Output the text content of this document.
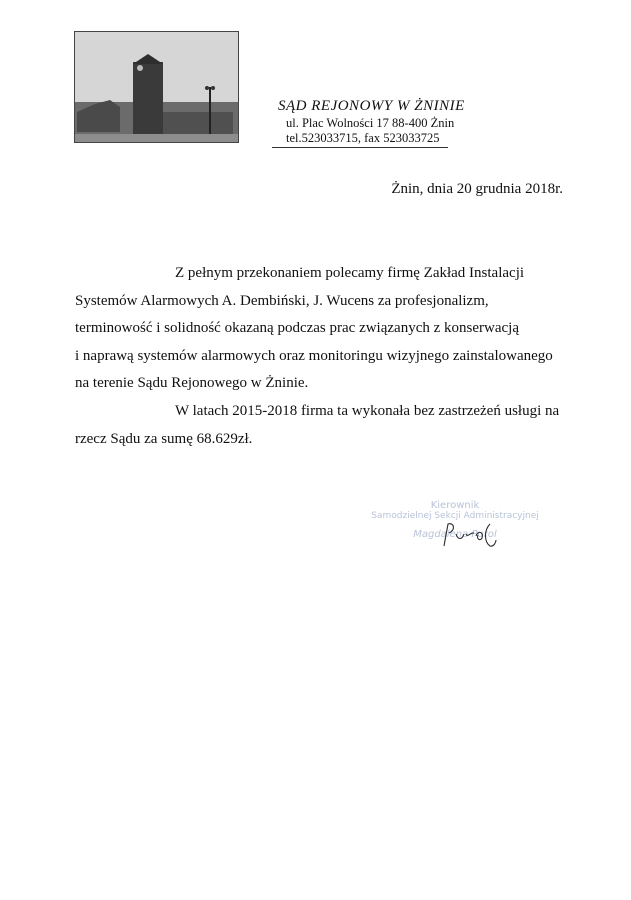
SĄD REJONOWY W ŻNINIE
ul. Plac Wolności 17 88-400 Żnin
tel.523033715, fax 523033725
Żnin, dnia 20 grudnia 2018r.
Z pełnym przekonaniem polecamy firmę Zakład Instalacji
Systemów Alarmowych A. Dembiński, J. Wucens za profesjonalizm,
terminowość i solidność okazaną podczas prac związanych z konserwacją
i naprawą systemów alarmowych oraz monitoringu wizyjnego zainstalowanego
na terenie Sądu Rejonowego w Żninie.
W latach 2015-2018 firma ta wykonała bez zastrzeżeń usługi na
rzecz Sądu za sumę 68.629zł.
Kierownik
Samodzielnej Sekcji Administracyjnej
Magdalena Purol
